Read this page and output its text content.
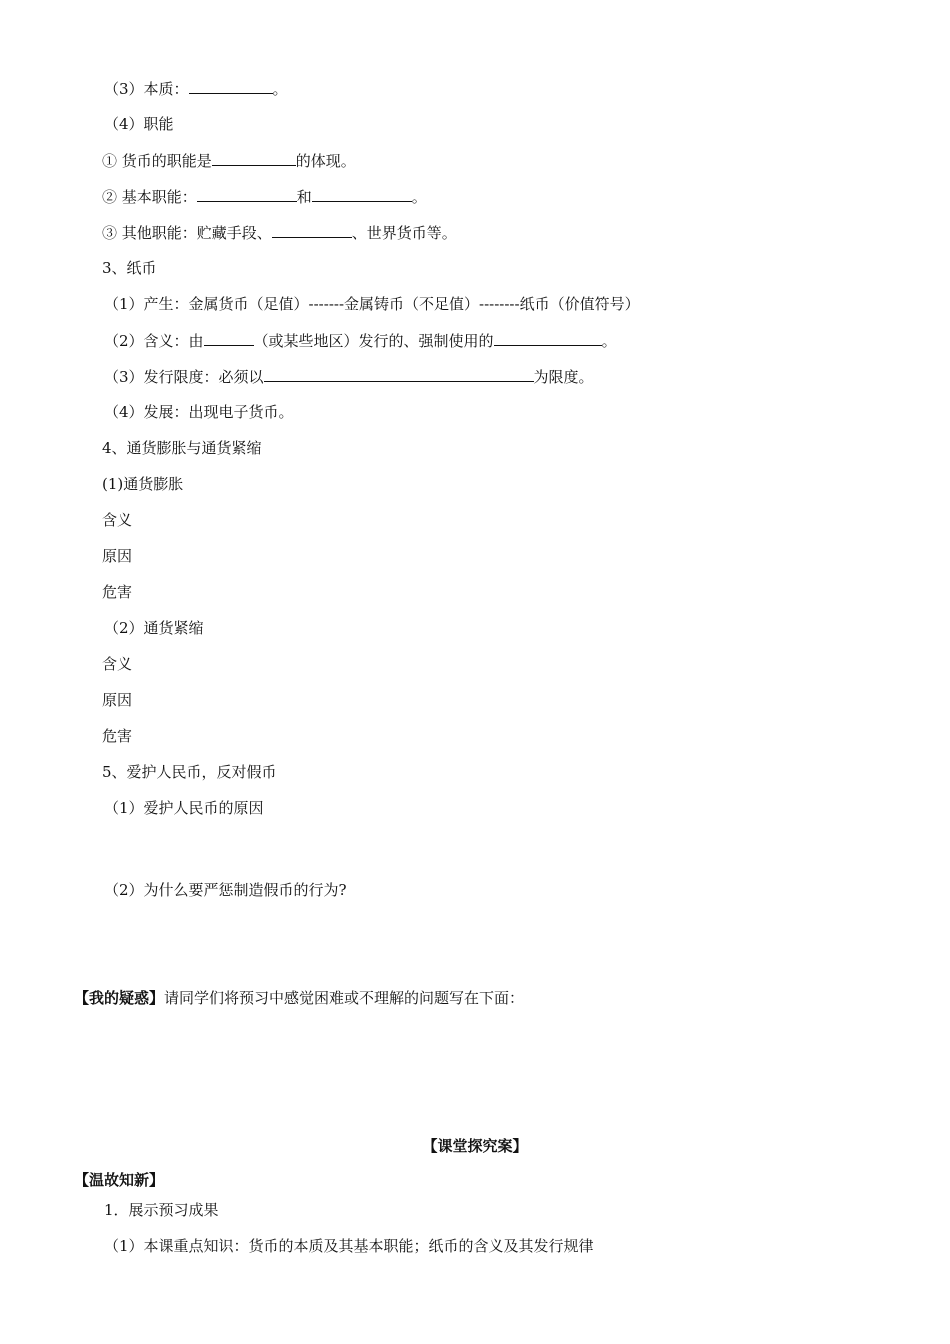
（3）本质：	。
（4）职能
① 货币的职能是	的体现。
② 基本职能：	和	。
③ 其他职能：贮藏手段、	、世界货币等。
3、纸币
（1）产生：金属货币（足值）-------金属铸币（不足值）--------纸币（价值符号）
（2）含义：由	（或某些地区）发行的、强制使用的	。
（3）发行限度：必须以	为限度。
（4）发展：出现电子货币。
4、通货膨胀与通货紧缩
(1)通货膨胀
含义
原因
危害
（2）通货紧缩
含义
原因
危害
5、爱护人民币，反对假币
（1）爱护人民币的原因
（2）为什么要严惩制造假币的行为?
【我的疑惑】请同学们将预习中感觉困难或不理解的问题写在下面：
【课堂探究案】
【温故知新】
1．展示预习成果
（1）本课重点知识：货币的本质及其基本职能；纸币的含义及其发行规律
